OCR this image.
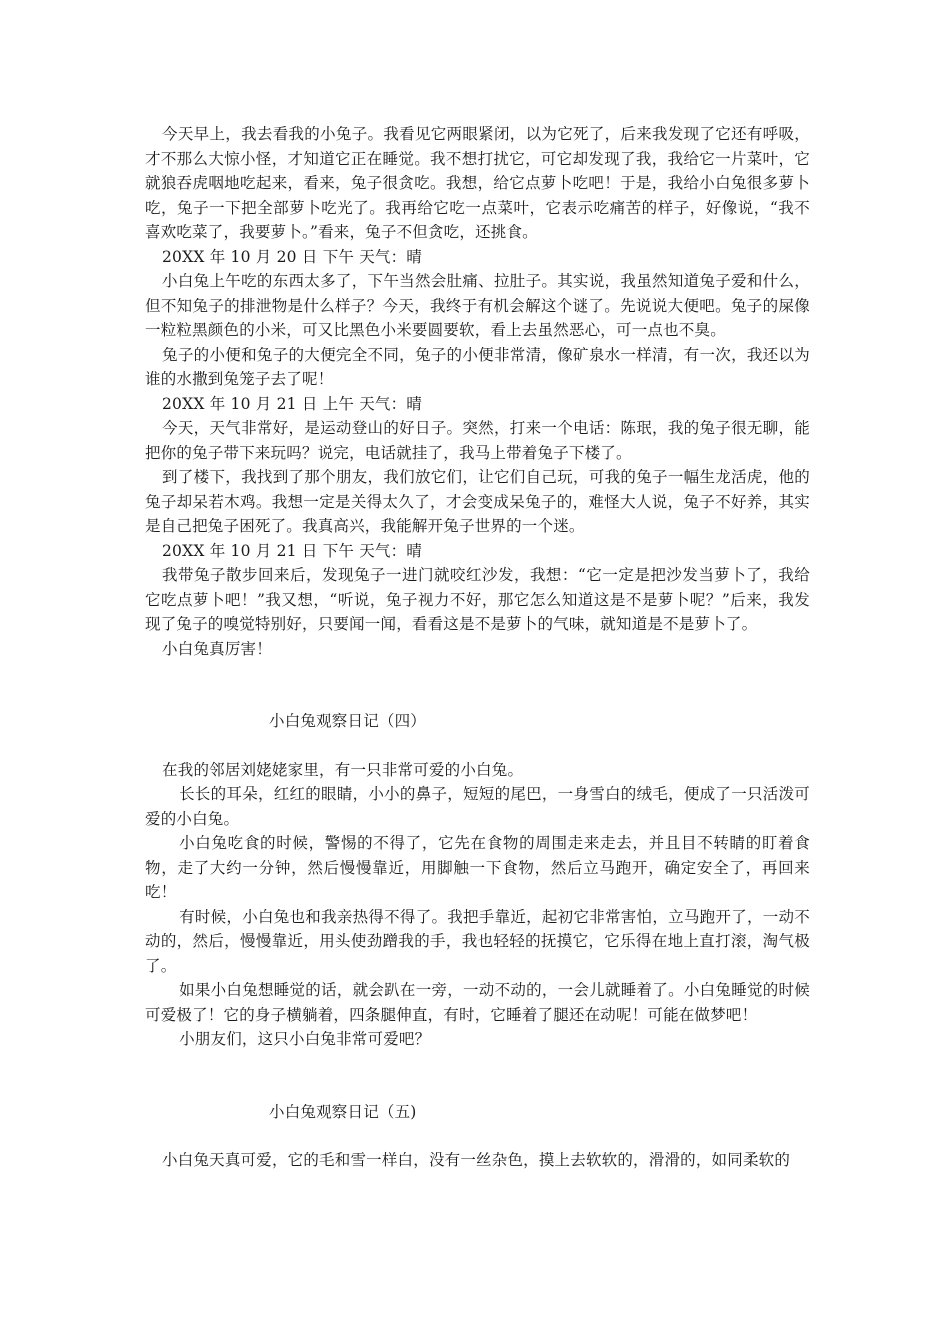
今天早上，我去看我的小兔子。我看见它两眼紧闭，以为它死了，后来我发现了它还有呼吸，才不那么大惊小怪，才知道它正在睡觉。我不想打扰它，可它却发现了我，我给它一片菜叶，它就狼吞虎咽地吃起来，看来，兔子很贪吃。我想，给它点萝卜吃吧！于是，我给小白兔很多萝卜吃，兔子一下把全部萝卜吃光了。我再给它吃一点菜叶，它表示吃痛苦的样子，好像说，“我不喜欢吃菜了，我要萝卜。”看来，兔子不但贪吃，还挑食。

20XX 年 10 月 20 日 下午 天气：晴

小白兔上午吃的东西太多了，下午当然会肚痛、拉肚子。其实说，我虽然知道兔子爱和什么，但不知兔子的排泄物是什么样子？今天，我终于有机会解这个谜了。先说说大便吧。兔子的屎像一粒粒黑颜色的小米，可又比黑色小米要圆要软，看上去虽然恶心，可一点也不臭。

兔子的小便和兔子的大便完全不同，兔子的小便非常清，像矿泉水一样清，有一次，我还以为谁的水撒到兔笼子去了呢！

20XX 年 10 月 21 日 上午 天气：晴

今天，天气非常好，是运动登山的好日子。突然，打来一个电话：陈珉，我的兔子很无聊，能把你的兔子带下来玩吗？说完，电话就挂了，我马上带着兔子下楼了。

到了楼下，我找到了那个朋友，我们放它们，让它们自己玩，可我的兔子一幅生龙活虎，他的兔子却呆若木鸡。我想一定是关得太久了，才会变成呆兔子的，难怪大人说，兔子不好养，其实是自己把兔子困死了。我真高兴，我能解开兔子世界的一个迷。

20XX 年 10 月 21 日 下午 天气：晴

我带兔子散步回来后，发现兔子一进门就咬红沙发，我想：“它一定是把沙发当萝卜了，我给它吃点萝卜吧！”我又想，“听说，兔子视力不好，那它怎么知道这是不是萝卜呢？”后来，我发现了兔子的嗅觉特别好，只要闻一闻，看看这是不是萝卜的气味，就知道是不是萝卜了。

小白兔真厉害！

小白兔观察日记（四）

在我的邻居刘姥姥家里，有一只非常可爱的小白兔。

长长的耳朵，红红的眼睛，小小的鼻子，短短的尾巴，一身雪白的绒毛，便成了一只活泼可爱的小白兔。

小白兔吃食的时候，警惕的不得了，它先在食物的周围走来走去，并且目不转睛的盯着食物，走了大约一分钟，然后慢慢靠近，用脚触一下食物，然后立马跑开，确定安全了，再回来吃！

有时候，小白兔也和我亲热得不得了。我把手靠近，起初它非常害怕，立马跑开了，一动不动的，然后，慢慢靠近，用头使劲蹭我的手，我也轻轻的抚摸它，它乐得在地上直打滚，淘气极了。

如果小白兔想睡觉的话，就会趴在一旁，一动不动的，一会儿就睡着了。小白兔睡觉的时候可爱极了！它的身子横躺着，四条腿伸直，有时，它睡着了腿还在动呢！可能在做梦吧！

小朋友们，这只小白兔非常可爱吧？

小白兔观察日记（五)

小白兔天真可爱，它的毛和雪一样白，没有一丝杂色，摸上去软软的，滑滑的，如同柔软的
